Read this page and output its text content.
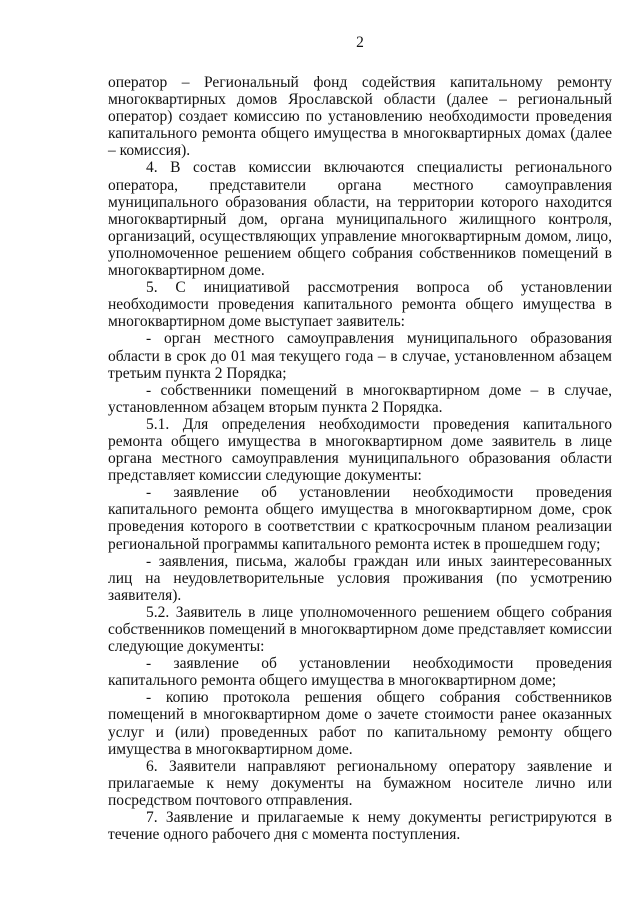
2

оператор – Региональный фонд содействия капитальному ремонту многоквартирных домов Ярославской области (далее – региональный оператор) создает комиссию по установлению необходимости проведения капитального ремонта общего имущества в многоквартирных домах (далее – комиссия).

4. В состав комиссии включаются специалисты регионального оператора, представители органа местного самоуправления муниципального образования области, на территории которого находится многоквартирный дом, органа муниципального жилищного контроля, организаций, осуществляющих управление многоквартирным домом, лицо, уполномоченное решением общего собрания собственников помещений в многоквартирном доме.

5. С инициативой рассмотрения вопроса об установлении необходимости проведения капитального ремонта общего имущества в многоквартирном доме выступает заявитель:

- орган местного самоуправления муниципального образования области в срок до 01 мая текущего года – в случае, установленном абзацем третьим пункта 2 Порядка;

- собственники помещений в многоквартирном доме – в случае, установленном абзацем вторым пункта 2 Порядка.

5.1. Для определения необходимости проведения капитального ремонта общего имущества в многоквартирном доме заявитель в лице органа местного самоуправления муниципального образования области представляет комиссии следующие документы:

- заявление об установлении необходимости проведения капитального ремонта общего имущества в многоквартирном доме, срок проведения которого в соответствии с краткосрочным планом реализации региональной программы капитального ремонта истек в прошедшем году;

- заявления, письма, жалобы граждан или иных заинтересованных лиц на неудовлетворительные условия проживания (по усмотрению заявителя).

5.2. Заявитель в лице уполномоченного решением общего собрания собственников помещений в многоквартирном доме представляет комиссии следующие документы:

- заявление об установлении необходимости проведения капитального ремонта общего имущества в многоквартирном доме;

- копию протокола решения общего собрания собственников помещений в многоквартирном доме о зачете стоимости ранее оказанных услуг и (или) проведенных работ по капитальному ремонту общего имущества в многоквартирном доме.

6. Заявители направляют региональному оператору заявление и прилагаемые к нему документы на бумажном носителе лично или посредством почтового отправления.

7. Заявление и прилагаемые к нему документы регистрируются в течение одного рабочего дня с момента поступления.
